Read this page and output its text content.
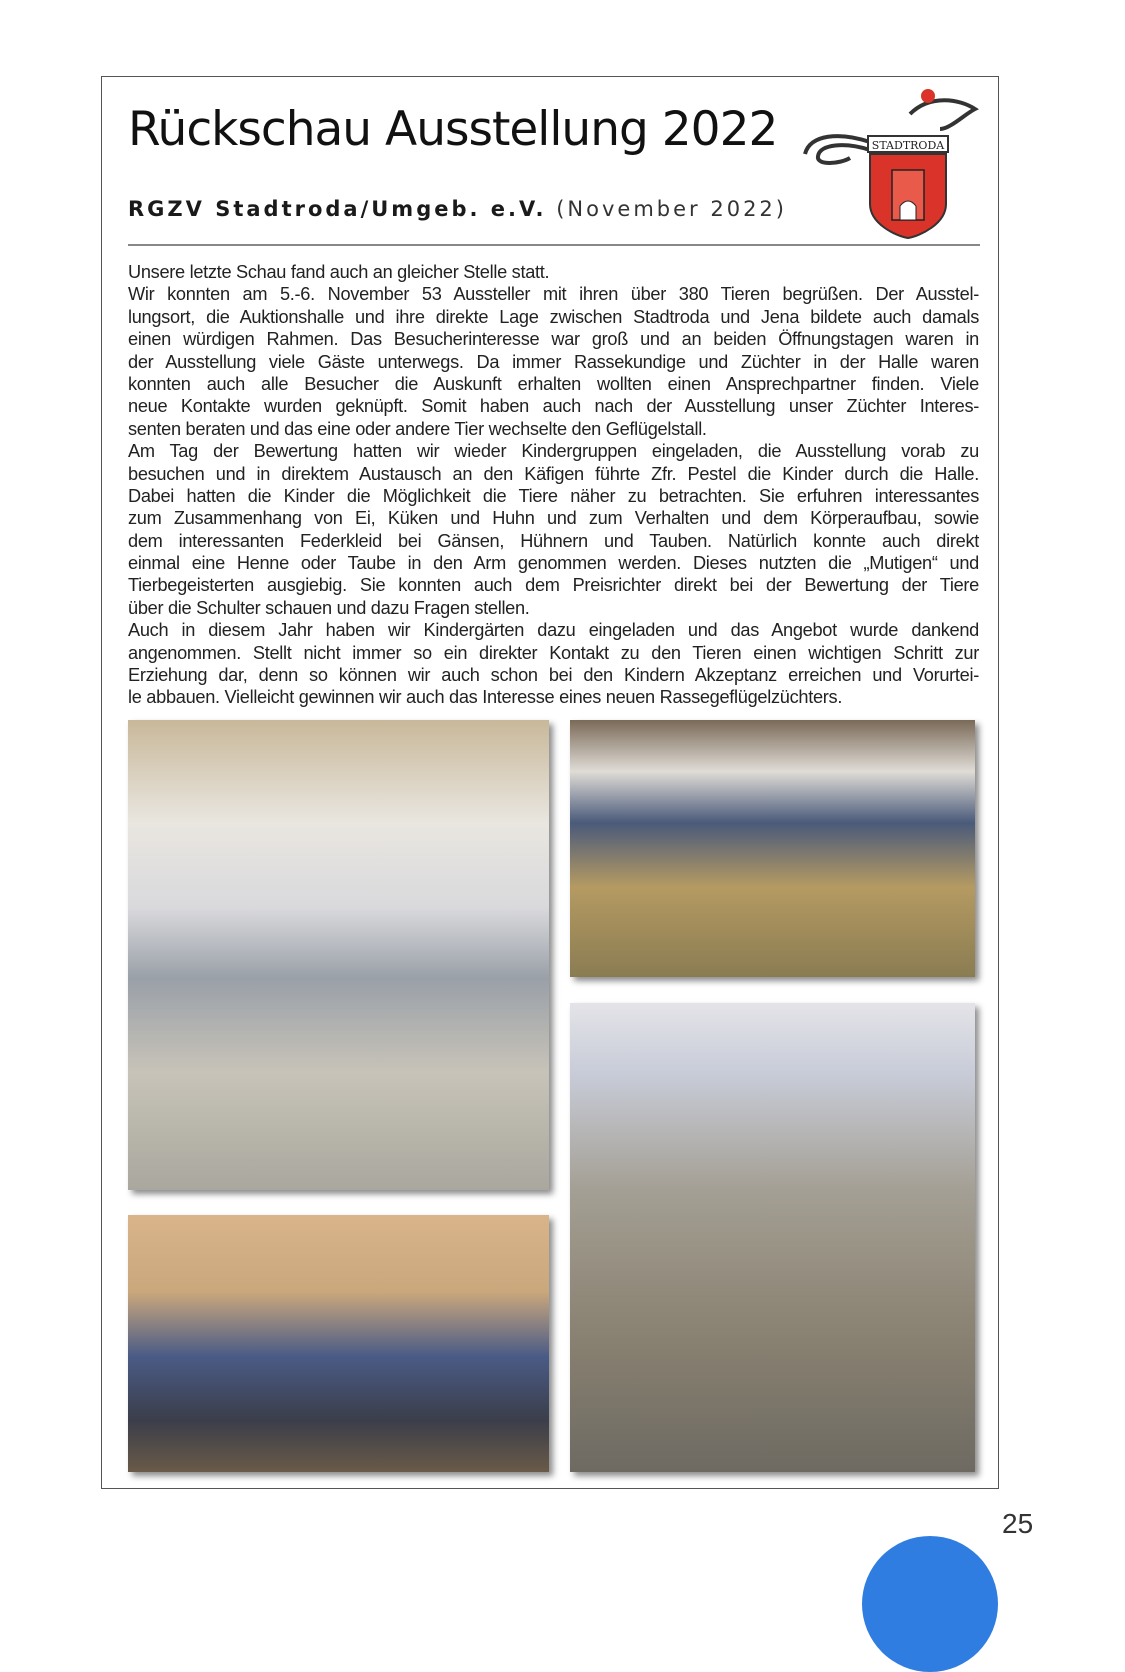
Rückschau Ausstellung 2022
RGZV Stadtroda/Umgeb. e.V. (November 2022)
STADTRODA
Unsere letzte Schau fand auch an gleicher Stelle statt.
Wir konnten am 5.-6. November 53 Aussteller mit ihren über 380 Tieren begrüßen. Der Ausstel-
lungsort, die Auktionshalle und ihre direkte Lage zwischen Stadtroda und Jena bildete auch damals
einen würdigen Rahmen. Das Besucherinteresse war groß und an beiden Öffnungstagen waren in
der Ausstellung viele Gäste unterwegs. Da immer Rassekundige und Züchter in der Halle waren
konnten auch alle Besucher die Auskunft erhalten wollten einen Ansprechpartner finden. Viele
neue Kontakte wurden geknüpft. Somit haben auch nach der Ausstellung unser Züchter Interes-
senten beraten und das eine oder andere Tier wechselte den Geflügelstall.
Am Tag der Bewertung hatten wir wieder Kindergruppen eingeladen, die Ausstellung vorab zu
besuchen und in direktem Austausch an den Käfigen führte Zfr. Pestel die Kinder durch die Halle.
Dabei hatten die Kinder die Möglichkeit die Tiere näher zu betrachten. Sie erfuhren interessantes
zum Zusammenhang von Ei, Küken und Huhn und zum Verhalten und dem Körperaufbau, sowie
dem interessanten Federkleid bei Gänsen, Hühnern und Tauben. Natürlich konnte auch direkt
einmal eine Henne oder Taube in den Arm genommen werden. Dieses nutzten die „Mutigen“ und
Tierbegeisterten ausgiebig. Sie konnten auch dem Preisrichter direkt bei der Bewertung der Tiere
über die Schulter schauen und dazu Fragen stellen.
Auch in diesem Jahr haben wir Kindergärten dazu eingeladen und das Angebot wurde dankend
angenommen. Stellt nicht immer so ein direkter Kontakt zu den Tieren einen wichtigen Schritt zur
Erziehung dar, denn so können wir auch schon bei den Kindern Akzeptanz erreichen und Vorurtei-
le abbauen. Vielleicht gewinnen wir auch das Interesse eines neuen Rassegeflügelzüchters.
25
